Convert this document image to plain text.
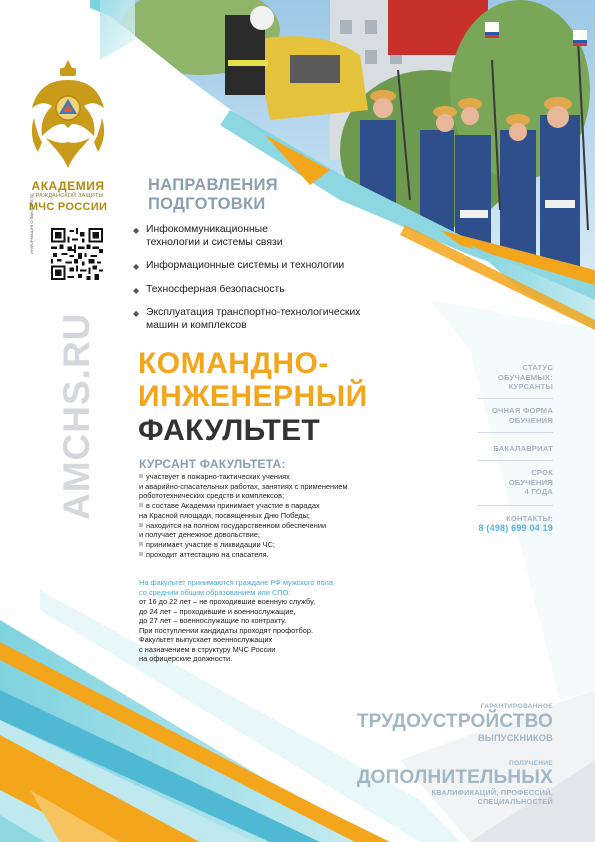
АКАДЕМИЯ
ГРАЖДАНСКОЙ ЗАЩИТЫ
МЧС РОССИИ
ИНФОРМАЦИЯ О ФАКУЛЬТЕТЕ
AMCHS.RU
НАПРАВЛЕНИЯ
ПОДГОТОВКИ
◆ Инфокоммуникационные
технологии и системы связи
◆ Информационные системы и технологии
◆ Техносферная безопасность
◆ Эксплуатация транспортно-технологических
машин и комплексов
КОМАНДНО-
ИНЖЕНЕРНЫЙ
ФАКУЛЬТЕТ
КУРСАНТ ФАКУЛЬТЕТА:
участвует в пожарно-тактических учениях
и аварийно-спасательных работах, занятиях с применением
робототехнических средств и комплексов;
в составе Академии принимает участие в парадах
на Красной площади, посвященных Дню Победы;
находится на полном государственном обеспечении
и получает денежное довольствие;
принимает участие в ликвидации ЧС;
проходит аттестацию на спасателя.
На факультет принимаются граждане РФ мужского пола
со средним общим образованием или СПО:
от 16 до 22 лет – не проходившие военную службу,
до 24 лет – проходившие и военнослужащие,
до 27 лет – военнослужащие по контракту.
При поступлении кандидаты проходят профотбор.
Факультет выпускает военнослужащих
с назначением в структуру МЧС России
на офицерские должности.
СТАТУС
ОБУЧАЕМЫХ:
КУРСАНТЫ
ОЧНАЯ ФОРМА
ОБУЧЕНИЯ
БАКАЛАВРИАТ
СРОК
ОБУЧЕНИЯ
4 ГОДА
КОНТАКТЫ:
8 (498) 699 04 19
ГАРАНТИРОВАННОЕ
ТРУДОУСТРОЙСТВО
ВЫПУСКНИКОВ
ПОЛУЧЕНИЕ
ДОПОЛНИТЕЛЬНЫХ
КВАЛИФИКАЦИЙ, ПРОФЕССИЙ,
СПЕЦИАЛЬНОСТЕЙ
